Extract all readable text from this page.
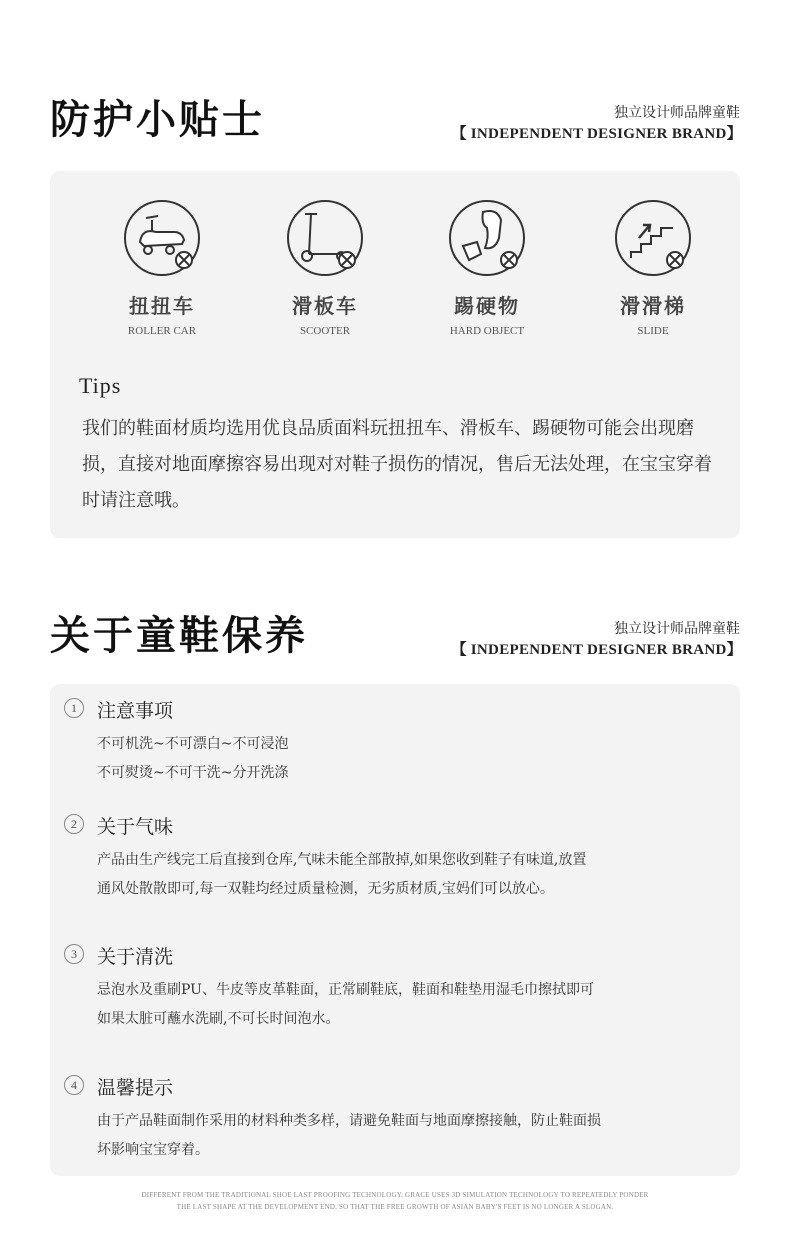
防护小贴士	独立设计师品牌童鞋
【 INDEPENDENT DESIGNER BRAND】
扭扭车
ROLLER CAR
滑板车
SCOOTER
踢硬物
HARD OBJECT
滑滑梯
SLIDE
Tips
我们的鞋面材质均选用优良品质面料玩扭扭车、滑板车、踢硬物可能会出现磨损，直接对地面摩擦容易出现对对鞋子损伤的情况，售后无法处理，在宝宝穿着时请注意哦。
关于童鞋保养	独立设计师品牌童鞋
【 INDEPENDENT DESIGNER BRAND】
1	注意事项
不可机洗~不可漂白~不可浸泡
不可熨烫~不可干洗~分开洗涤
2	关于气味
产品由生产线完工后直接到仓库,气味未能全部散掉,如果您收到鞋子有味道,放置
通风处散散即可,每一双鞋均经过质量检测，无劣质材质,宝妈们可以放心。
3	关于清洗
忌泡水及重刷PU、牛皮等皮革鞋面，正常刷鞋底，鞋面和鞋垫用湿毛巾擦拭即可
如果太脏可蘸水洗刷,不可长时间泡水。
4	温馨提示
由于产品鞋面制作采用的材料种类多样，请避免鞋面与地面摩擦接触，防止鞋面损
坏影响宝宝穿着。
DIFFERENT FROM THE TRADITIONAL SHOE LAST PROOFING TECHNOLOGY, GRACE USES 3D SIMULATION TECHNOLOGY TO REPEATEDLY PONDER
THE LAST SHAPE AT THE DEVELOPMENT END, SO THAT THE FREE GROWTH OF ASIAN BABY'S FEET IS NO LONGER A SLOGAN.
